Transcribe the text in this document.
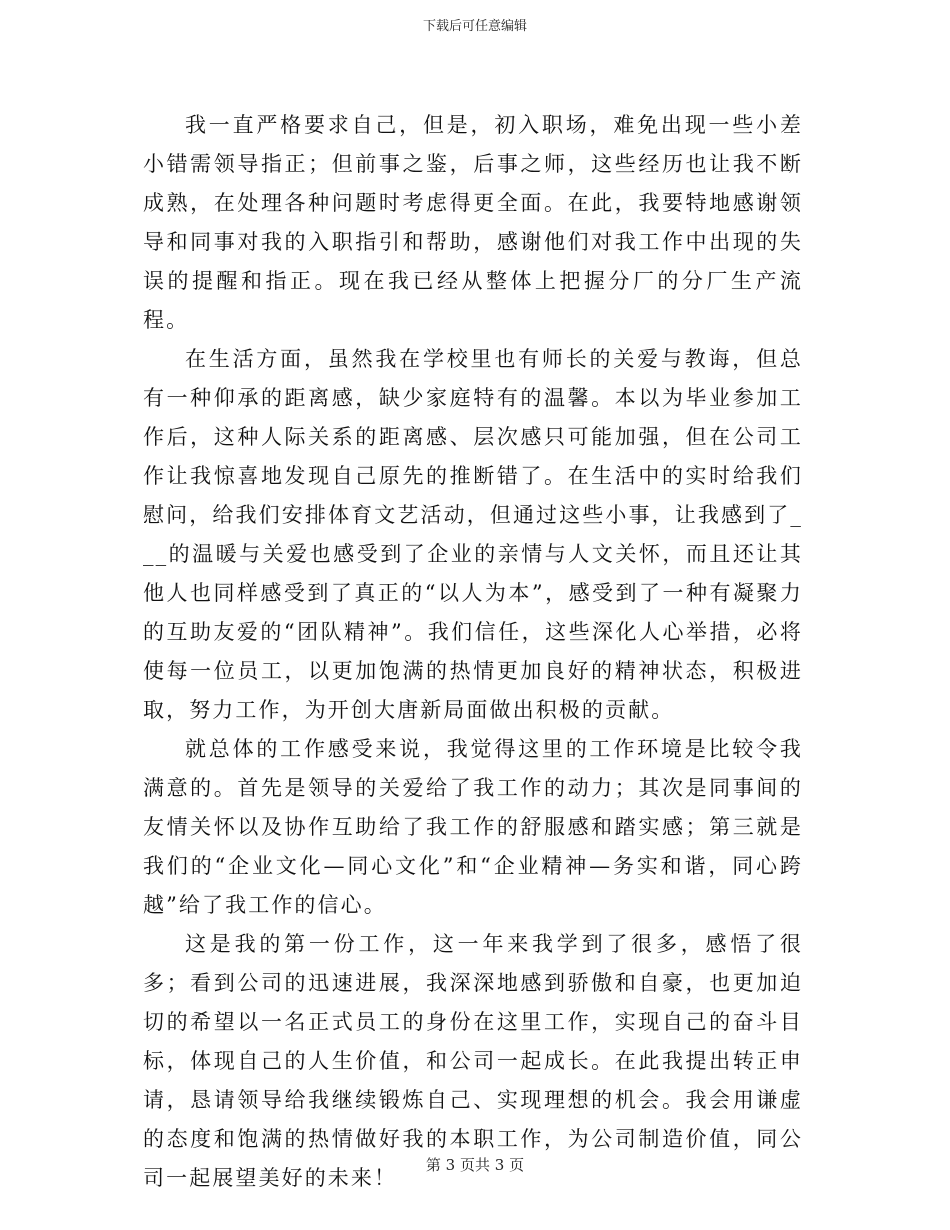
下载后可任意编辑

我一直严格要求自己，但是，初入职场，难免出现一些小差小错需领导指正；但前事之鉴，后事之师，这些经历也让我不断成熟，在处理各种问题时考虑得更全面。在此，我要特地感谢领导和同事对我的入职指引和帮助，感谢他们对我工作中出现的失误的提醒和指正。现在我已经从整体上把握分厂的分厂生产流程。

在生活方面，虽然我在学校里也有师长的关爱与教诲，但总有一种仰承的距离感，缺少家庭特有的温馨。本以为毕业参加工作后，这种人际关系的距离感、层次感只可能加强，但在公司工作让我惊喜地发现自己原先的推断错了。在生活中的实时给我们慰问，给我们安排体育文艺活动，但通过这些小事，让我感到了___的温暖与关爱也感受到了企业的亲情与人文关怀，而且还让其他人也同样感受到了真正的“以人为本”，感受到了一种有凝聚力的互助友爱的“团队精神”。我们信任，这些深化人心举措，必将使每一位员工，以更加饱满的热情更加良好的精神状态，积极进取，努力工作，为开创大唐新局面做出积极的贡献。

就总体的工作感受来说，我觉得这里的工作环境是比较令我满意的。首先是领导的关爱给了我工作的动力；其次是同事间的友情关怀以及协作互助给了我工作的舒服感和踏实感；第三就是我们的“企业文化—同心文化”和“企业精神—务实和谐，同心跨越”给了我工作的信心。

这是我的第一份工作，这一年来我学到了很多，感悟了很多；看到公司的迅速进展，我深深地感到骄傲和自豪，也更加迫切的希望以一名正式员工的身份在这里工作，实现自己的奋斗目标，体现自己的人生价值，和公司一起成长。在此我提出转正申请，恳请领导给我继续锻炼自己、实现理想的机会。我会用谦虚的态度和饱满的热情做好我的本职工作，为公司制造价值，同公司一起展望美好的未来！

第 3 页共 3 页
